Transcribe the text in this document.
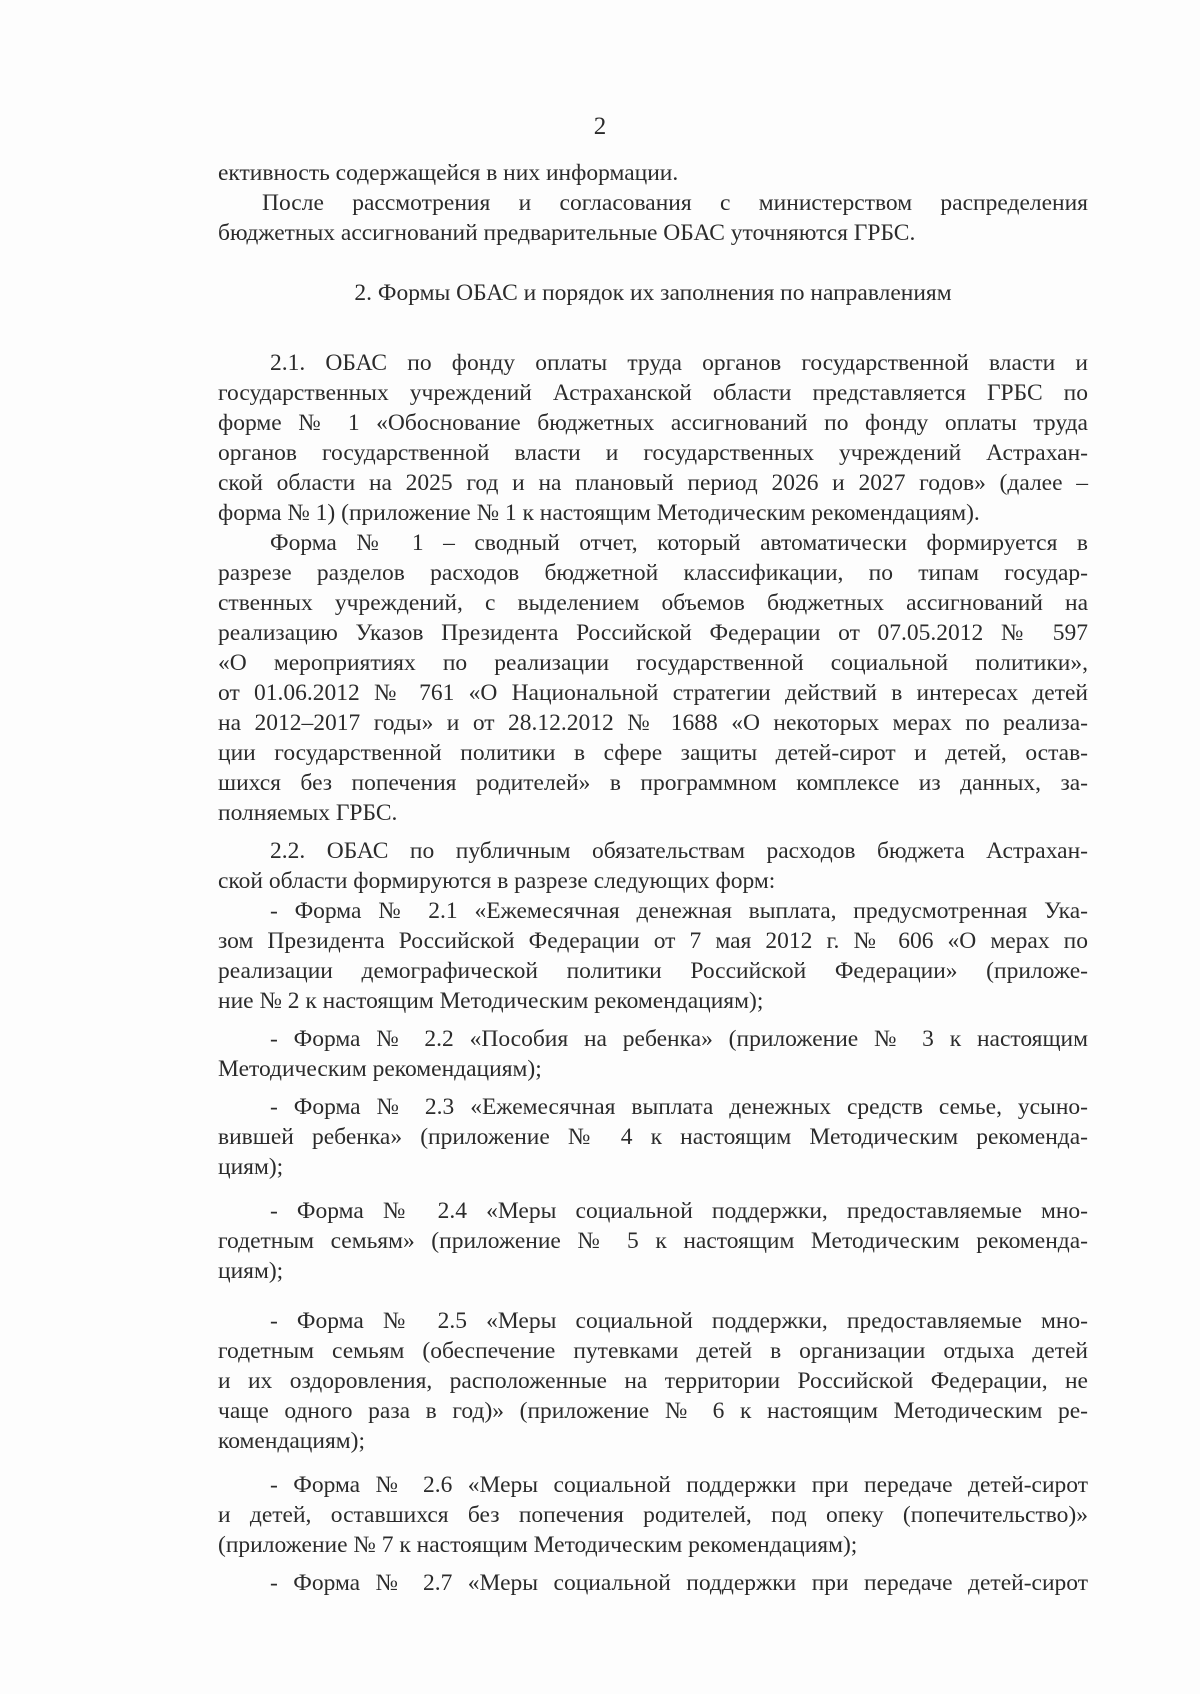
2
ективность содержащейся в них информации.
После рассмотрения и согласования с министерством распределения
бюджетных ассигнований предварительные ОБАС уточняются ГРБС.
2. Формы ОБАС и порядок их заполнения по направлениям
2.1. ОБАС по фонду оплаты труда органов государственной власти и
государственных учреждений Астраханской области представляется ГРБС по
форме № 1 «Обоснование бюджетных ассигнований по фонду оплаты труда
органов государственной власти и государственных учреждений Астрахан-
ской области на 2025 год и на плановый период 2026 и 2027 годов» (далее –
форма № 1) (приложение № 1 к настоящим Методическим рекомендациям).
Форма № 1 – сводный отчет, который автоматически формируется в
разрезе разделов расходов бюджетной классификации, по типам государ-
ственных учреждений, с выделением объемов бюджетных ассигнований на
реализацию Указов Президента Российской Федерации от 07.05.2012 № 597
«О мероприятиях по реализации государственной социальной политики»,
от 01.06.2012 № 761 «О Национальной стратегии действий в интересах детей
на 2012–2017 годы» и от 28.12.2012 № 1688 «О некоторых мерах по реализа-
ции государственной политики в сфере защиты детей-сирот и детей, остав-
шихся без попечения родителей» в программном комплексе из данных, за-
полняемых ГРБС.
2.2. ОБАС по публичным обязательствам расходов бюджета Астрахан-
ской области формируются в разрезе следующих форм:
- Форма № 2.1 «Ежемесячная денежная выплата, предусмотренная Ука-
зом Президента Российской Федерации от 7 мая 2012 г. № 606 «О мерах по
реализации демографической политики Российской Федерации» (приложе-
ние № 2 к настоящим Методическим рекомендациям);
- Форма № 2.2 «Пособия на ребенка» (приложение № 3 к настоящим
Методическим рекомендациям);
- Форма № 2.3 «Ежемесячная выплата денежных средств семье, усыно-
вившей ребенка» (приложение № 4 к настоящим Методическим рекоменда-
циям);
- Форма № 2.4 «Меры социальной поддержки, предоставляемые мно-
годетным семьям» (приложение № 5 к настоящим Методическим рекоменда-
циям);
- Форма № 2.5 «Меры социальной поддержки, предоставляемые мно-
годетным семьям (обеспечение путевками детей в организации отдыха детей
и их оздоровления, расположенные на территории Российской Федерации, не
чаще одного раза в год)» (приложение № 6 к настоящим Методическим ре-
комендациям);
- Форма № 2.6 «Меры социальной поддержки при передаче детей-сирот
и детей, оставшихся без попечения родителей, под опеку (попечительство)»
(приложение № 7 к настоящим Методическим рекомендациям);
- Форма № 2.7 «Меры социальной поддержки при передаче детей-сирот
